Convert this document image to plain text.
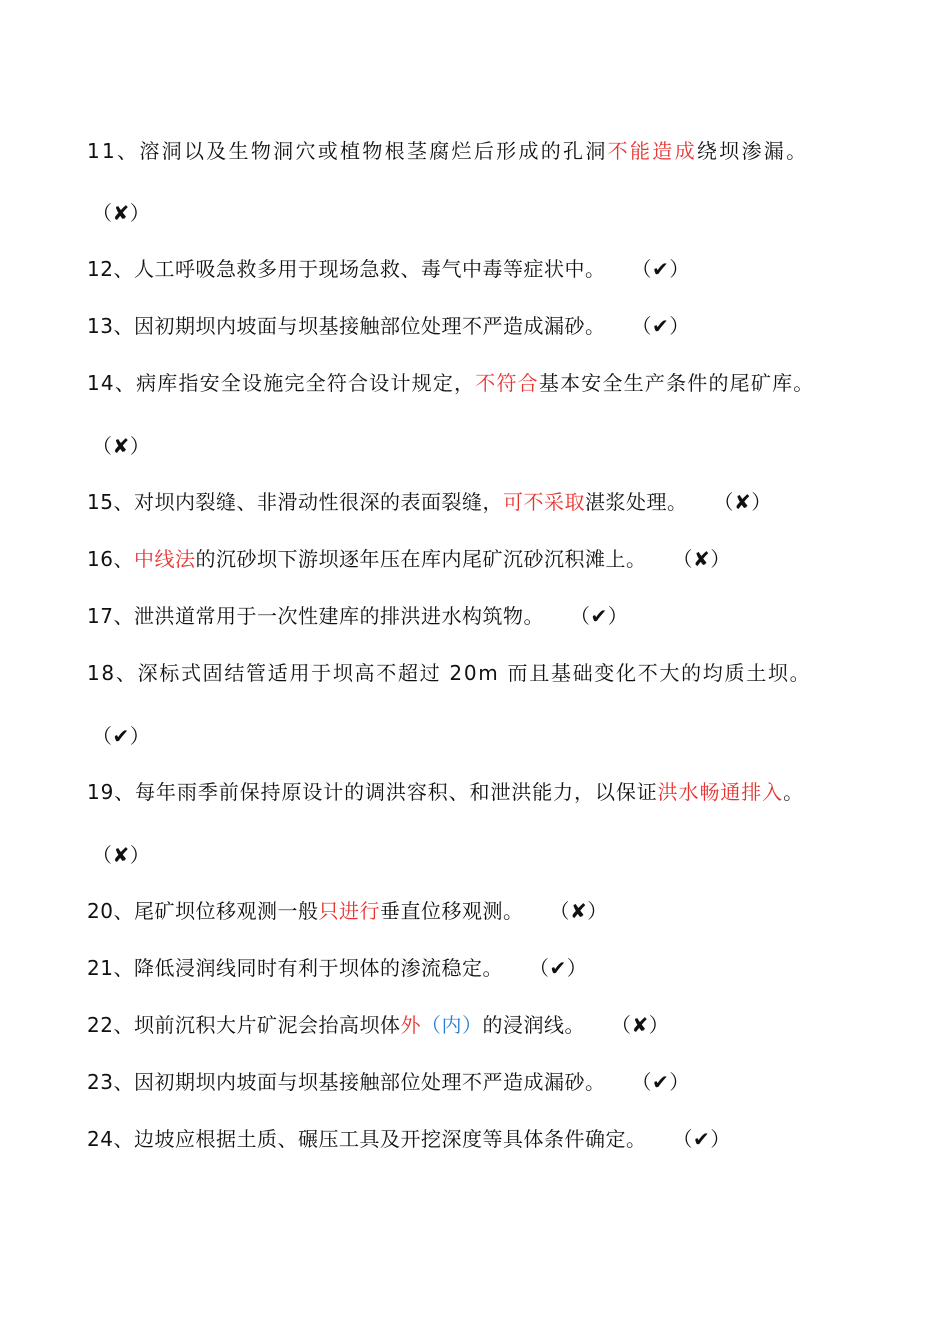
11、溶洞以及生物洞穴或植物根茎腐烂后形成的孔洞不能造成绕坝渗漏。
（✘）
12、人工呼吸急救多用于现场急救、毒气中毒等症状中。 （✔）
13、因初期坝内坡面与坝基接触部位处理不严造成漏砂。 （✔）
14、病库指安全设施完全符合设计规定，不符合基本安全生产条件的尾矿库。
（✘）
15、对坝内裂缝、非滑动性很深的表面裂缝，可不采取湛浆处理。 （✘）
16、中线法的沉砂坝下游坝逐年压在库内尾矿沉砂沉积滩上。 （✘）
17、泄洪道常用于一次性建库的排洪进水构筑物。 （✔）
18、深标式固结管适用于坝高不超过 20m 而且基础变化不大的均质土坝。
（✔）
19、每年雨季前保持原设计的调洪容积、和泄洪能力，以保证洪水畅通排入。
（✘）
20、尾矿坝位移观测一般只进行垂直位移观测。 （✘）
21、降低浸润线同时有利于坝体的渗流稳定。 （✔）
22、坝前沉积大片矿泥会抬高坝体外（内）的浸润线。 （✘）
23、因初期坝内坡面与坝基接触部位处理不严造成漏砂。 （✔）
24、边坡应根据土质、碾压工具及开挖深度等具体条件确定。 （✔）
